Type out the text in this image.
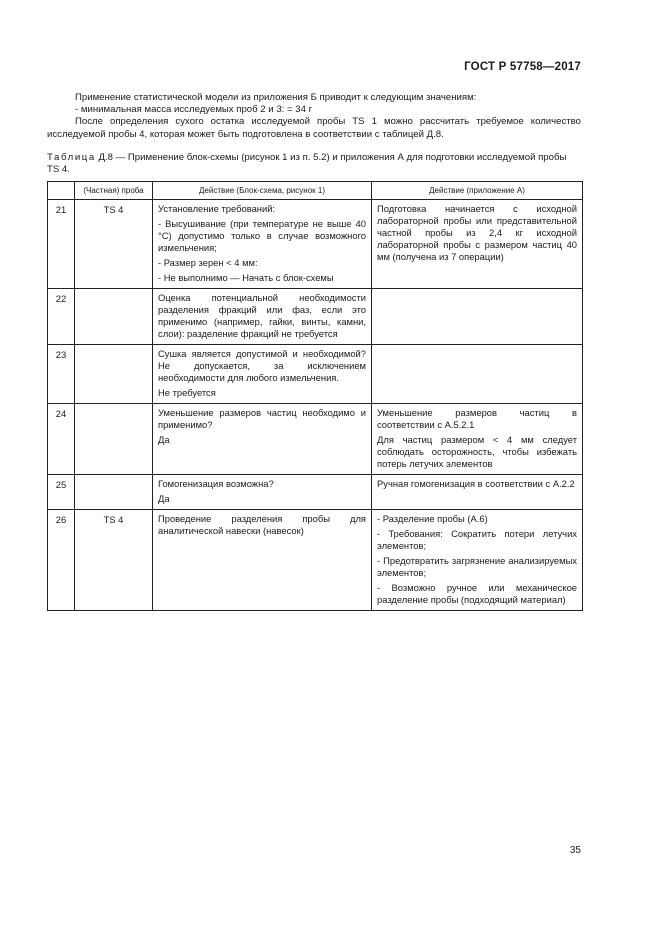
ГОСТ Р 57758—2017

Применение статистической модели из приложения Б приводит к следующим значениям:

- минимальная масса исследуемых проб 2 и 3: = 34 г

После определения сухого остатка исследуемой пробы TS 1 можно рассчитать требуемое количество исследуемой пробы 4, которая может быть подготовлена в соответствии с таблицей Д.8.

Таблица Д.8 — Применение блок-схемы (рисунок 1 из п. 5.2) и приложения А для подготовки исследуемой пробы TS 4.
	(Частная) проба	Действие (Блок-схема, рисунок 1)	Действие (приложение А)
21	TS 4	Установление требований:
- Высушивание (при температуре не выше 40 °С) допустимо только в случае возможного измельчения;
- Размер зерен < 4 мм:
- Не выполнимо — Начать с блок-схемы	Подготовка начинается с исходной лабораторной пробы или представительной частной пробы из 2,4 кг исходной лабораторной пробы с размером частиц 40 мм (полученa из 7 операции)

22		Оценка потенциальной необходимости разделения фракций или фаз, если это применимо (например, гайки, винты, камни, слои): разделение фракций не требуется	

23		Сушка является допустимой и необходимой? Не допускается, за исключением необходимости для любого измельчения.
Не требуется	

24		Уменьшение размеров частиц необходимо и применимо?
Да	Уменьшение размеров частиц в соответствии с А.5.2.1
Для частиц размером < 4 мм следует соблюдать осторожность, чтобы избежать потерь летучих элементов

25		Гомогенизация возможна?
Да	Ручная гомогенизация в соответствии с А.2.2

26	TS 4	Проведение разделения пробы для аналитической навески (навесок)	- Разделение пробы (А.6)
- Требования: Сократить потери летучих элементов;
- Предотвратить загрязнение анализируемых элементов;
- Возможно ручное или механическое разделение пробы (подходящий материал)
35
